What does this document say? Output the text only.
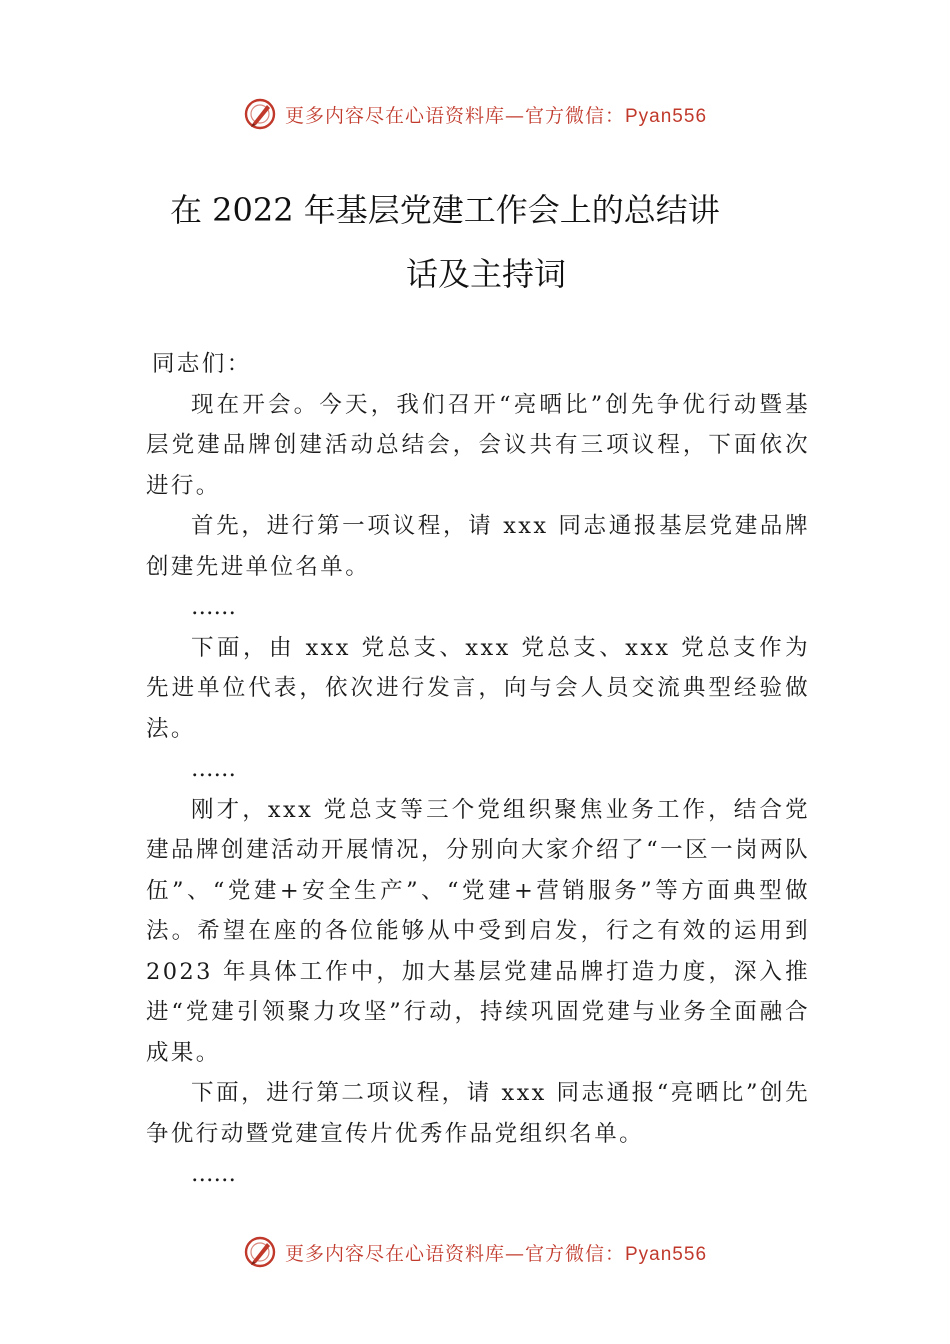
更多内容尽在心语资料库—官方微信：Pyan556
在 2022 年基层党建工作会上的总结讲
话及主持词

同志们：

现在开会。今天，我们召开“亮晒比”创先争优行动暨基层党建品牌创建活动总结会，会议共有三项议程，下面依次进行。

首先，进行第一项议程，请 xxx 同志通报基层党建品牌创建先进单位名单。

……

下面，由 xxx 党总支、xxx 党总支、xxx 党总支作为先进单位代表，依次进行发言，向与会人员交流典型经验做法。

……

刚才，xxx 党总支等三个党组织聚焦业务工作，结合党建品牌创建活动开展情况，分别向大家介绍了“一区一岗两队伍”、“党建+安全生产”、“党建+营销服务”等方面典型做法。希望在座的各位能够从中受到启发，行之有效的运用到 2023 年具体工作中，加大基层党建品牌打造力度，深入推进“党建引领聚力攻坚”行动，持续巩固党建与业务全面融合成果。

下面，进行第二项议程，请 xxx 同志通报“亮晒比”创先争优行动暨党建宣传片优秀作品党组织名单。

……

更多内容尽在心语资料库—官方微信：Pyan556
